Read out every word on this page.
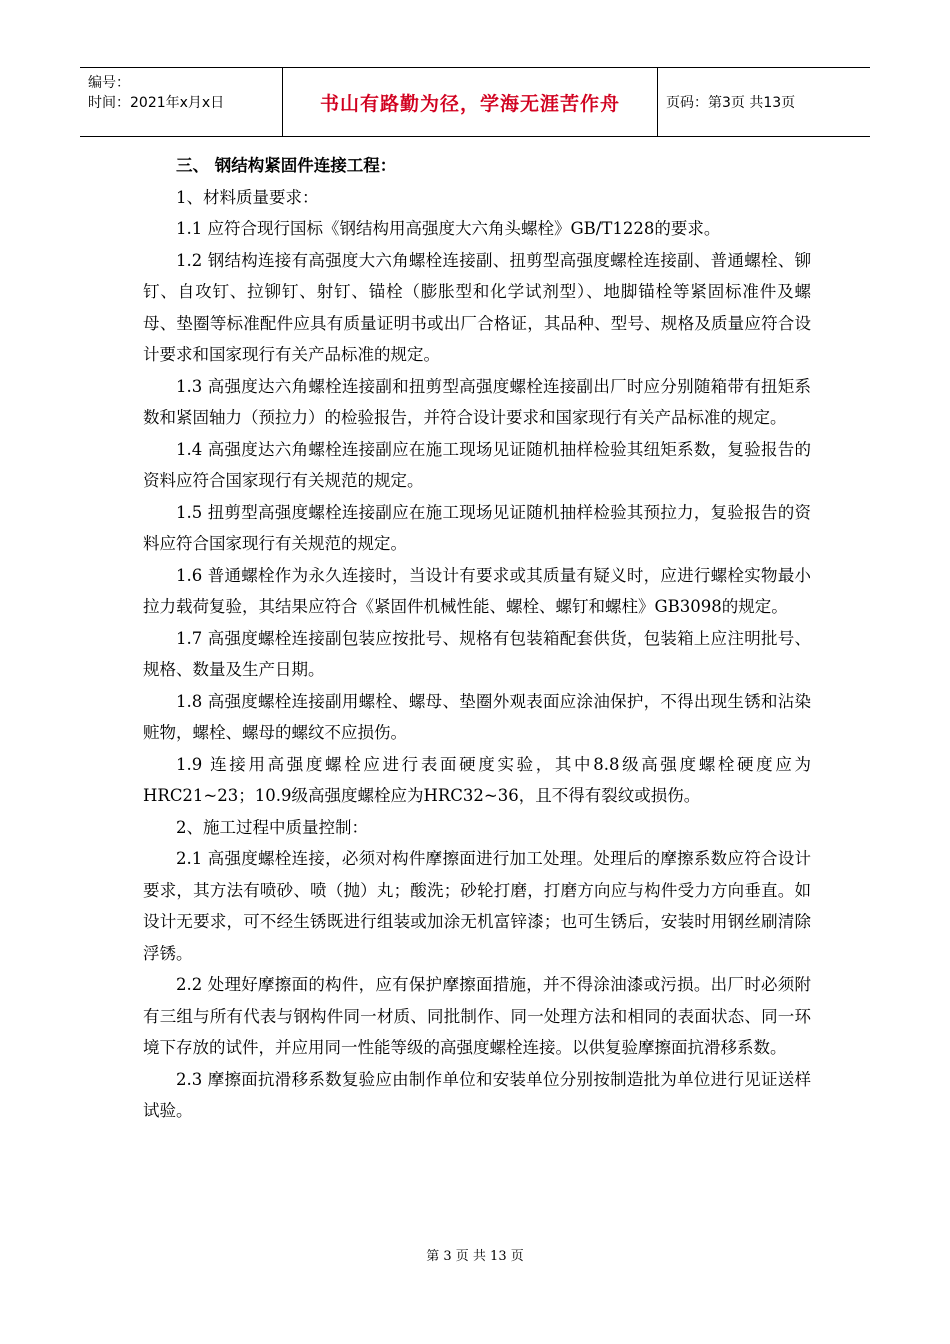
编号：
时间：2021年x月x日	书山有路勤为径，学海无涯苦作舟	页码：第3页 共13页

三、 钢结构紧固件连接工程：

1、材料质量要求：

1.1 应符合现行国标《钢结构用高强度大六角头螺栓》GB/T1228的要求。

1.2 钢结构连接有高强度大六角螺栓连接副、扭剪型高强度螺栓连接副、普通螺栓、铆钉、自攻钉、拉铆钉、射钉、锚栓（膨胀型和化学试剂型）、地脚锚栓等紧固标准件及螺母、垫圈等标准配件应具有质量证明书或出厂合格证，其品种、型号、规格及质量应符合设计要求和国家现行有关产品标准的规定。

1.3 高强度达六角螺栓连接副和扭剪型高强度螺栓连接副出厂时应分别随箱带有扭矩系数和紧固轴力（预拉力）的检验报告，并符合设计要求和国家现行有关产品标准的规定。

1.4 高强度达六角螺栓连接副应在施工现场见证随机抽样检验其纽矩系数，复验报告的资料应符合国家现行有关规范的规定。

1.5 扭剪型高强度螺栓连接副应在施工现场见证随机抽样检验其预拉力，复验报告的资料应符合国家现行有关规范的规定。

1.6 普通螺栓作为永久连接时，当设计有要求或其质量有疑义时，应进行螺栓实物最小拉力载荷复验，其结果应符合《紧固件机械性能、螺栓、螺钉和螺柱》GB3098的规定。

1.7 高强度螺栓连接副包装应按批号、规格有包装箱配套供货，包装箱上应注明批号、规格、数量及生产日期。

1.8 高强度螺栓连接副用螺栓、螺母、垫圈外观表面应涂油保护，不得出现生锈和沾染赃物，螺栓、螺母的螺纹不应损伤。

1.9 连接用高强度螺栓应进行表面硬度实验，其中8.8级高强度螺栓硬度应为HRC21~23；10.9级高强度螺栓应为HRC32~36，且不得有裂纹或损伤。

2、施工过程中质量控制：

2.1 高强度螺栓连接，必须对构件摩擦面进行加工处理。处理后的摩擦系数应符合设计要求，其方法有喷砂、喷（抛）丸；酸洗；砂轮打磨，打磨方向应与构件受力方向垂直。如设计无要求，可不经生锈既进行组装或加涂无机富锌漆；也可生锈后，安装时用钢丝刷清除浮锈。

2.2 处理好摩擦面的构件，应有保护摩擦面措施，并不得涂油漆或污损。出厂时必须附有三组与所有代表与钢构件同一材质、同批制作、同一处理方法和相同的表面状态、同一环境下存放的试件，并应用同一性能等级的高强度螺栓连接。以供复验摩擦面抗滑移系数。

2.3 摩擦面抗滑移系数复验应由制作单位和安装单位分别按制造批为单位进行见证送样试验。

第 3 页 共 13 页
